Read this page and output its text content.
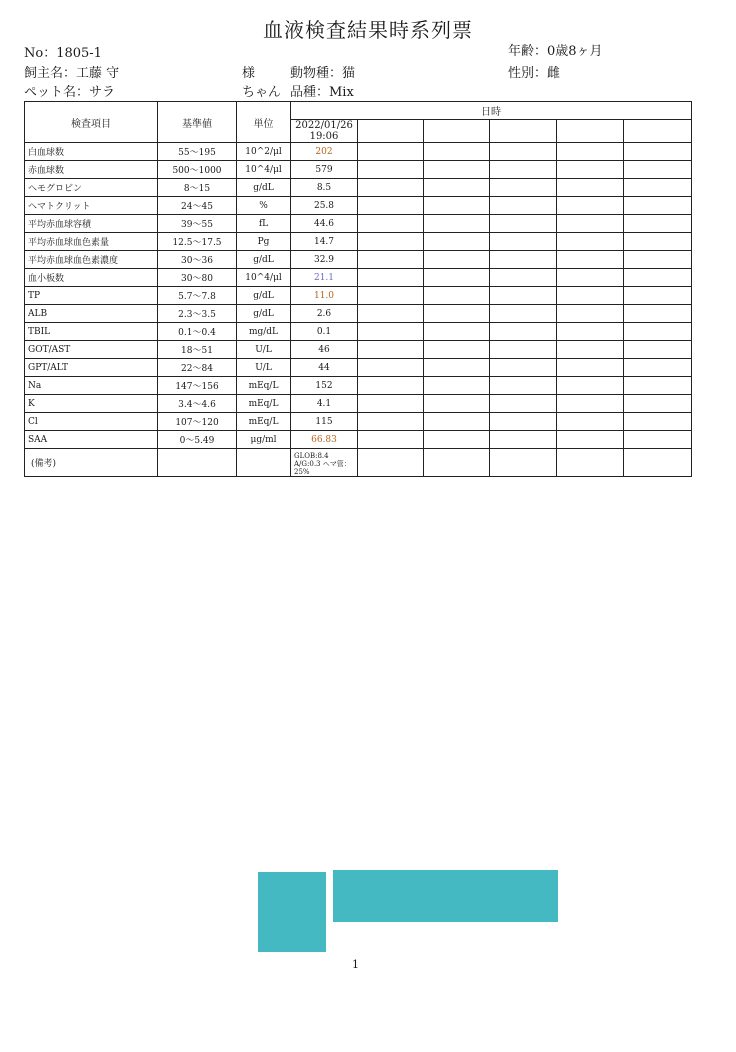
血液検査結果時系列票
No：1805-1	年齢：0歳8ヶ月
飼主名：工藤 守	様	動物種：猫	性別：雌
ペット名：サラ	ちゃん 品種：Mix
検査項目	基準値	単位	日時					
			2022/01/26
19:06					
白血球数	55～195	10^2/μl	202					
赤血球数	500～1000	10^4/μl	579					
ヘモグロビン	8～15	g/dL	8.5					
ヘマトクリット	24～45	%	25.8					
平均赤血球容積	39～55	fL	44.6					
平均赤血球血色素量	12.5～17.5	Pg	14.7					
平均赤血球血色素濃度	30～36	g/dL	32.9					
血小板数	30～80	10^4/μl	21.1					
TP	5.7～7.8	g/dL	11.0					
ALB	2.3～3.5	g/dL	2.6					
TBIL	0.1～0.4	mg/dL	0.1					
GOT/AST	18～51	U/L	46					
GPT/ALT	22～84	U/L	44					
Na	147～156	mEq/L	152					
K	3.4～4.6	mEq/L	4.1					
Cl	107～120	mEq/L	115					
SAA	0～5.49	μg/ml	66.83					
(備考)			GLOB:8.4 A/G:0.3 ヘマ管：25%					

1
